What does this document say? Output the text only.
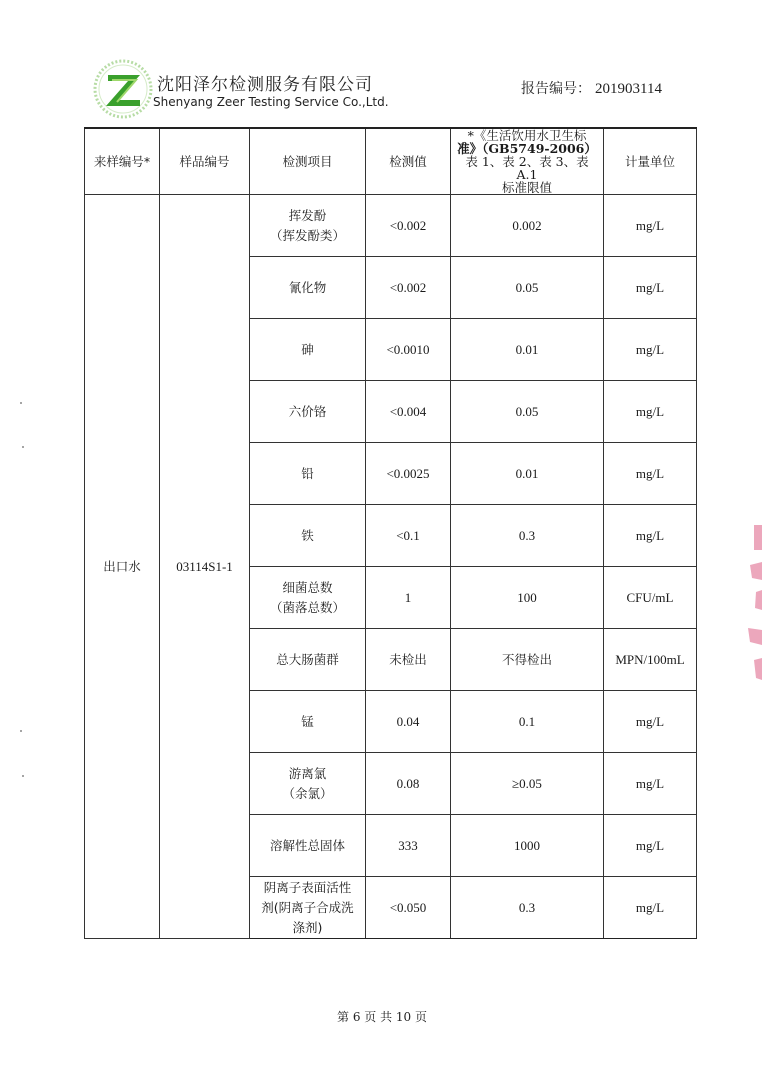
沈阳泽尔检测服务有限公司
Shenyang Zeer Testing Service Co.,Ltd.
报告编号： 201903114
来样编号*	样品编号	检测项目	检测值	*《生活饮用水卫生标
准》（GB5749-2006）
表 1、表 2、表 3、表 A.1
标准限值	计量单位
出口水	03114S1-1	挥发酚
（挥发酚类）	<0.002	0.002	mg/L
		氰化物	<0.002	0.05	mg/L
		砷	<0.0010	0.01	mg/L
		六价铬	<0.004	0.05	mg/L
		铅	<0.0025	0.01	mg/L
		铁	<0.1	0.3	mg/L

		细菌总数
（菌落总数）	1	100	CFU/mL
		总大肠菌群	未检出	不得检出	MPN/100mL
		锰	0.04	0.1	mg/L

		游离氯
（余氯）	0.08	≥0.05	mg/L
		溶解性总固体	333	1000	mg/L

		阴离子表面活性
剂(阴离子合成洗
涤剂)	<0.050	0.3	mg/L
第 6 页 共 10 页
